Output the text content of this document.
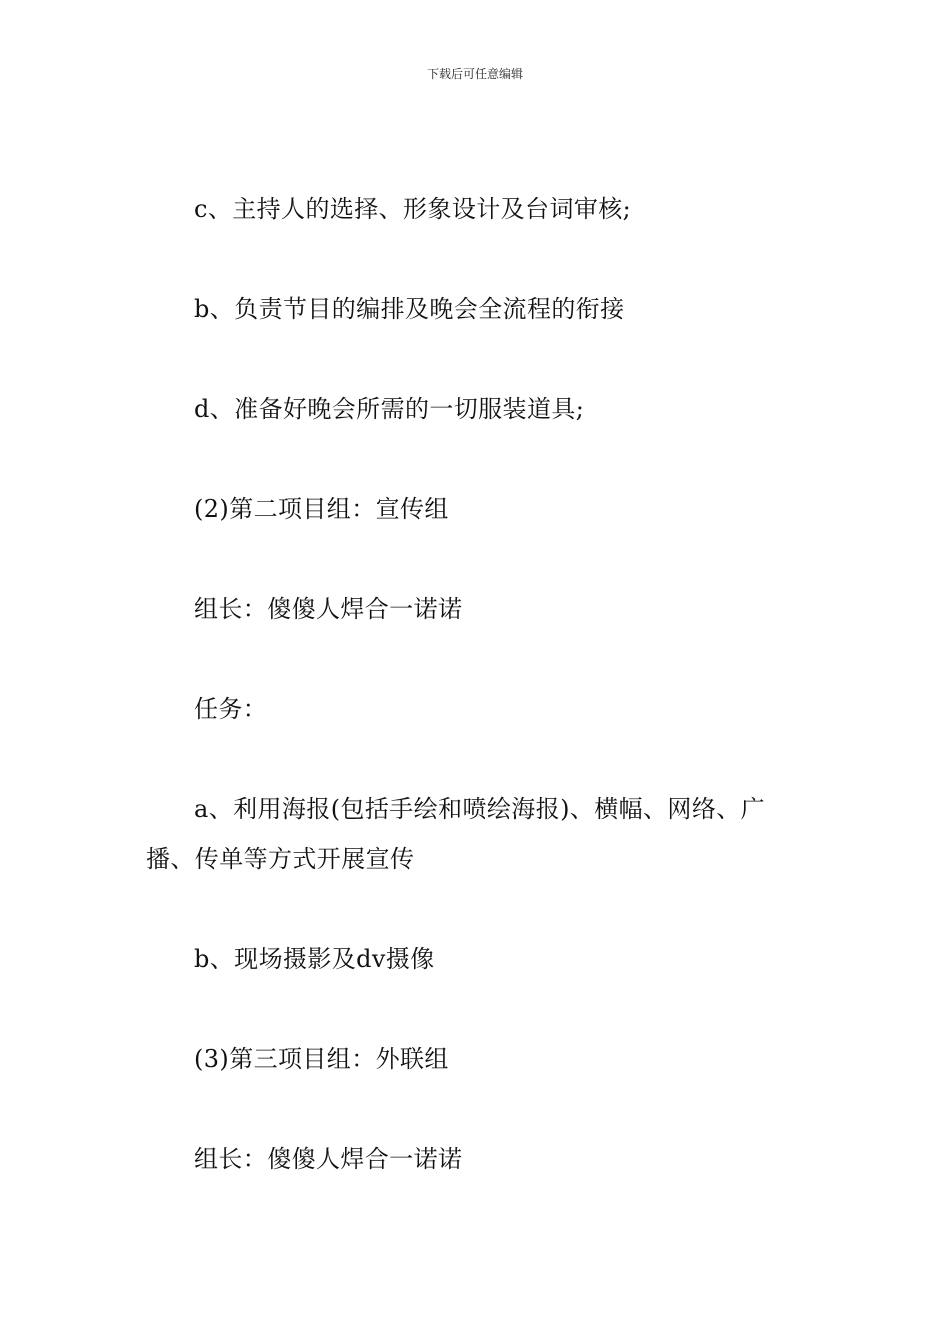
下载后可任意编辑

c、主持人的选择、形象设计及台词审核;

b、负责节目的编排及晚会全流程的衔接

d、准备好晚会所需的一切服装道具;

(2)第二项目组：宣传组

组长：傻傻人焊合一诺诺

任务：

a、利用海报(包括手绘和喷绘海报)、横幅、网络、广播、传单等方式开展宣传

b、现场摄影及dv摄像

(3)第三项目组：外联组

组长：傻傻人焊合一诺诺
